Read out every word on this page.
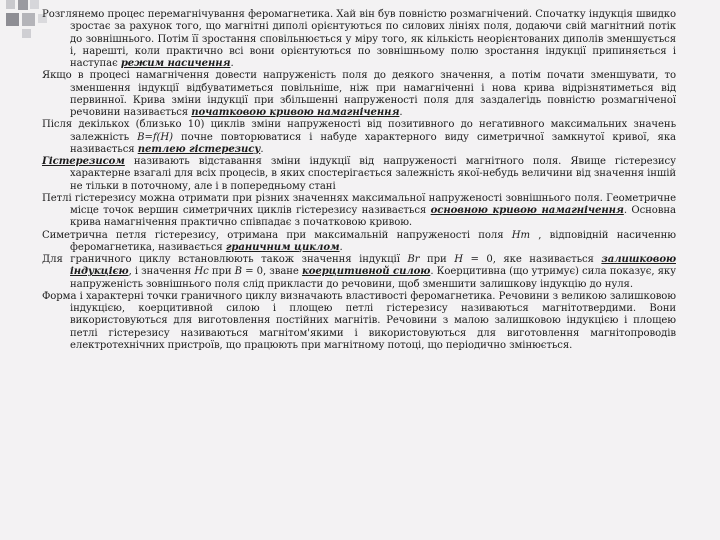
Розглянемо процес перемагнічування феромагнетика. Хай він був повністю розмагнічений. Спочатку індукція швидко зростає за рахунок того, що магнітні диполі орієнтуються по силових лініях поля, додаючи свій магнітний потік до зовнішнього. Потім її зростання сповільнюється у міру того, як кількість неорієнтованих диполів зменшується і, нарешті, коли практично всі вони орієнтуються по зовнішньому полю зростання індукції припиняється і наступає режим насичення.

Якщо в процесі намагнічення довести напруженість поля до деякого значення, а потім почати зменшувати, то зменшення індукції відбуватиметься повільніше, ніж при намагніченні і нова крива відрізнятиметься від первинної. Крива зміни індукції при збільшенні напруженості поля для заздалегідь повністю розмагніченої речовини називається початковою кривою намагнічення.

Після декількох (близько 10) циклів зміни напруженості від позитивного до негативного максимальних значень залежність B=f(H) почне повторюватися і набуде характерного виду симетричної замкнутої кривої, яка називається петлею гістерезису.

Гістерезисом називають відставання зміни індукції від напруженості магнітного поля. Явище гістерезису характерне взагалі для всіх процесів, в яких спостерігається залежність якої-небудь величини від значення іншій не тільки в поточному, але і в попередньому стані

Петлі гістерезису можна отримати при різних значеннях максимальної напруженості зовнішнього поля. Геометричне місце точок вершин симетричних циклів гістерезису називається основною кривою намагнічення. Основна крива намагнічення практично співпадає з початковою кривою.

Симетрична петля гістерезису, отримана при максимальній напруженості поля Hm , відповідній насиченню феромагнетика, називається граничним циклом.

Для граничного циклу встановлюють також значення індукції Br при H = 0, яке називається залишковою індукцією, і значення Hc при B = 0, зване коерцитивной силою. Коерцитивна (що утримує) сила показує, яку напруженість зовнішнього поля слід прикласти до речовини, щоб зменшити залишкову індукцію до нуля.

Форма і характерні точки граничного циклу визначають властивості феромагнетика. Речовини з великою залишковою індукцією, коерцитивной силою і площею петлі гістерезису називаються магнітотвердими. Вони використовуються для виготовлення постійних магнітів. Речовини з малою залишковою індукцією і площею петлі гістерезису називаються магнітом'якими і використовуються для виготовлення магнітопроводів електротехнічних пристроїв, що працюють при магнітному потоці, що періодично змінюється.
